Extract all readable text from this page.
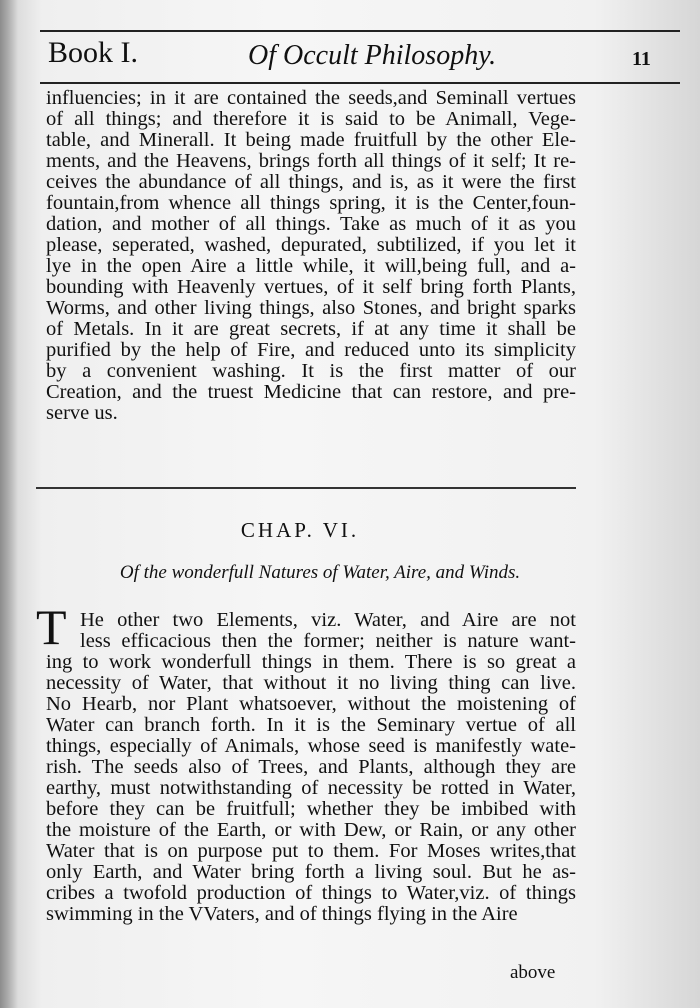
Book I.	Of Occult Philosophy.	11
influencies; in it are contained the seeds,and Seminall vertues
of all things; and therefore it is said to be Animall, Vege-
table, and Minerall. It being made fruitfull by the other Ele-
ments, and the Heavens, brings forth all things of it self; It re-
ceives the abundance of all things, and is, as it were the first
fountain,from whence all things spring, it is the Center,foun-
dation, and mother of all things. Take as much of it as you
please, seperated, washed, depurated, subtilized, if you let it
lye in the open Aire a little while, it will,being full, and a-
bounding with Heavenly vertues, of it self bring forth Plants,
Worms, and other living things, also Stones, and bright sparks
of Metals. In it are great secrets, if at any time it shall be
purified by the help of Fire, and reduced unto its simplicity
by a convenient washing. It is the first matter of our
Creation, and the truest Medicine that can restore, and pre-
serve us.
CHAP. VI.
Of the wonderfull Natures of Water, Aire, and Winds.
T He other two Elements, viz. Water, and Aire are not
less efficacious then the former; neither is nature want-
ing to work wonderfull things in them. There is so great a
necessity of Water, that without it no living thing can live.
No Hearb, nor Plant whatsoever, without the moistening of
Water can branch forth. In it is the Seminary vertue of all
things, especially of Animals, whose seed is manifestly wate-
rish. The seeds also of Trees, and Plants, although they are
earthy, must notwithstanding of necessity be rotted in Water,
before they can be fruitfull; whether they be imbibed with
the moisture of the Earth, or with Dew, or Rain, or any other
Water that is on purpose put to them. For Moses writes,that
only Earth, and Water bring forth a living soul. But he as-
cribes a twofold production of things to Water,viz. of things
swimming in the VVaters, and of things flying in the Aire
above
